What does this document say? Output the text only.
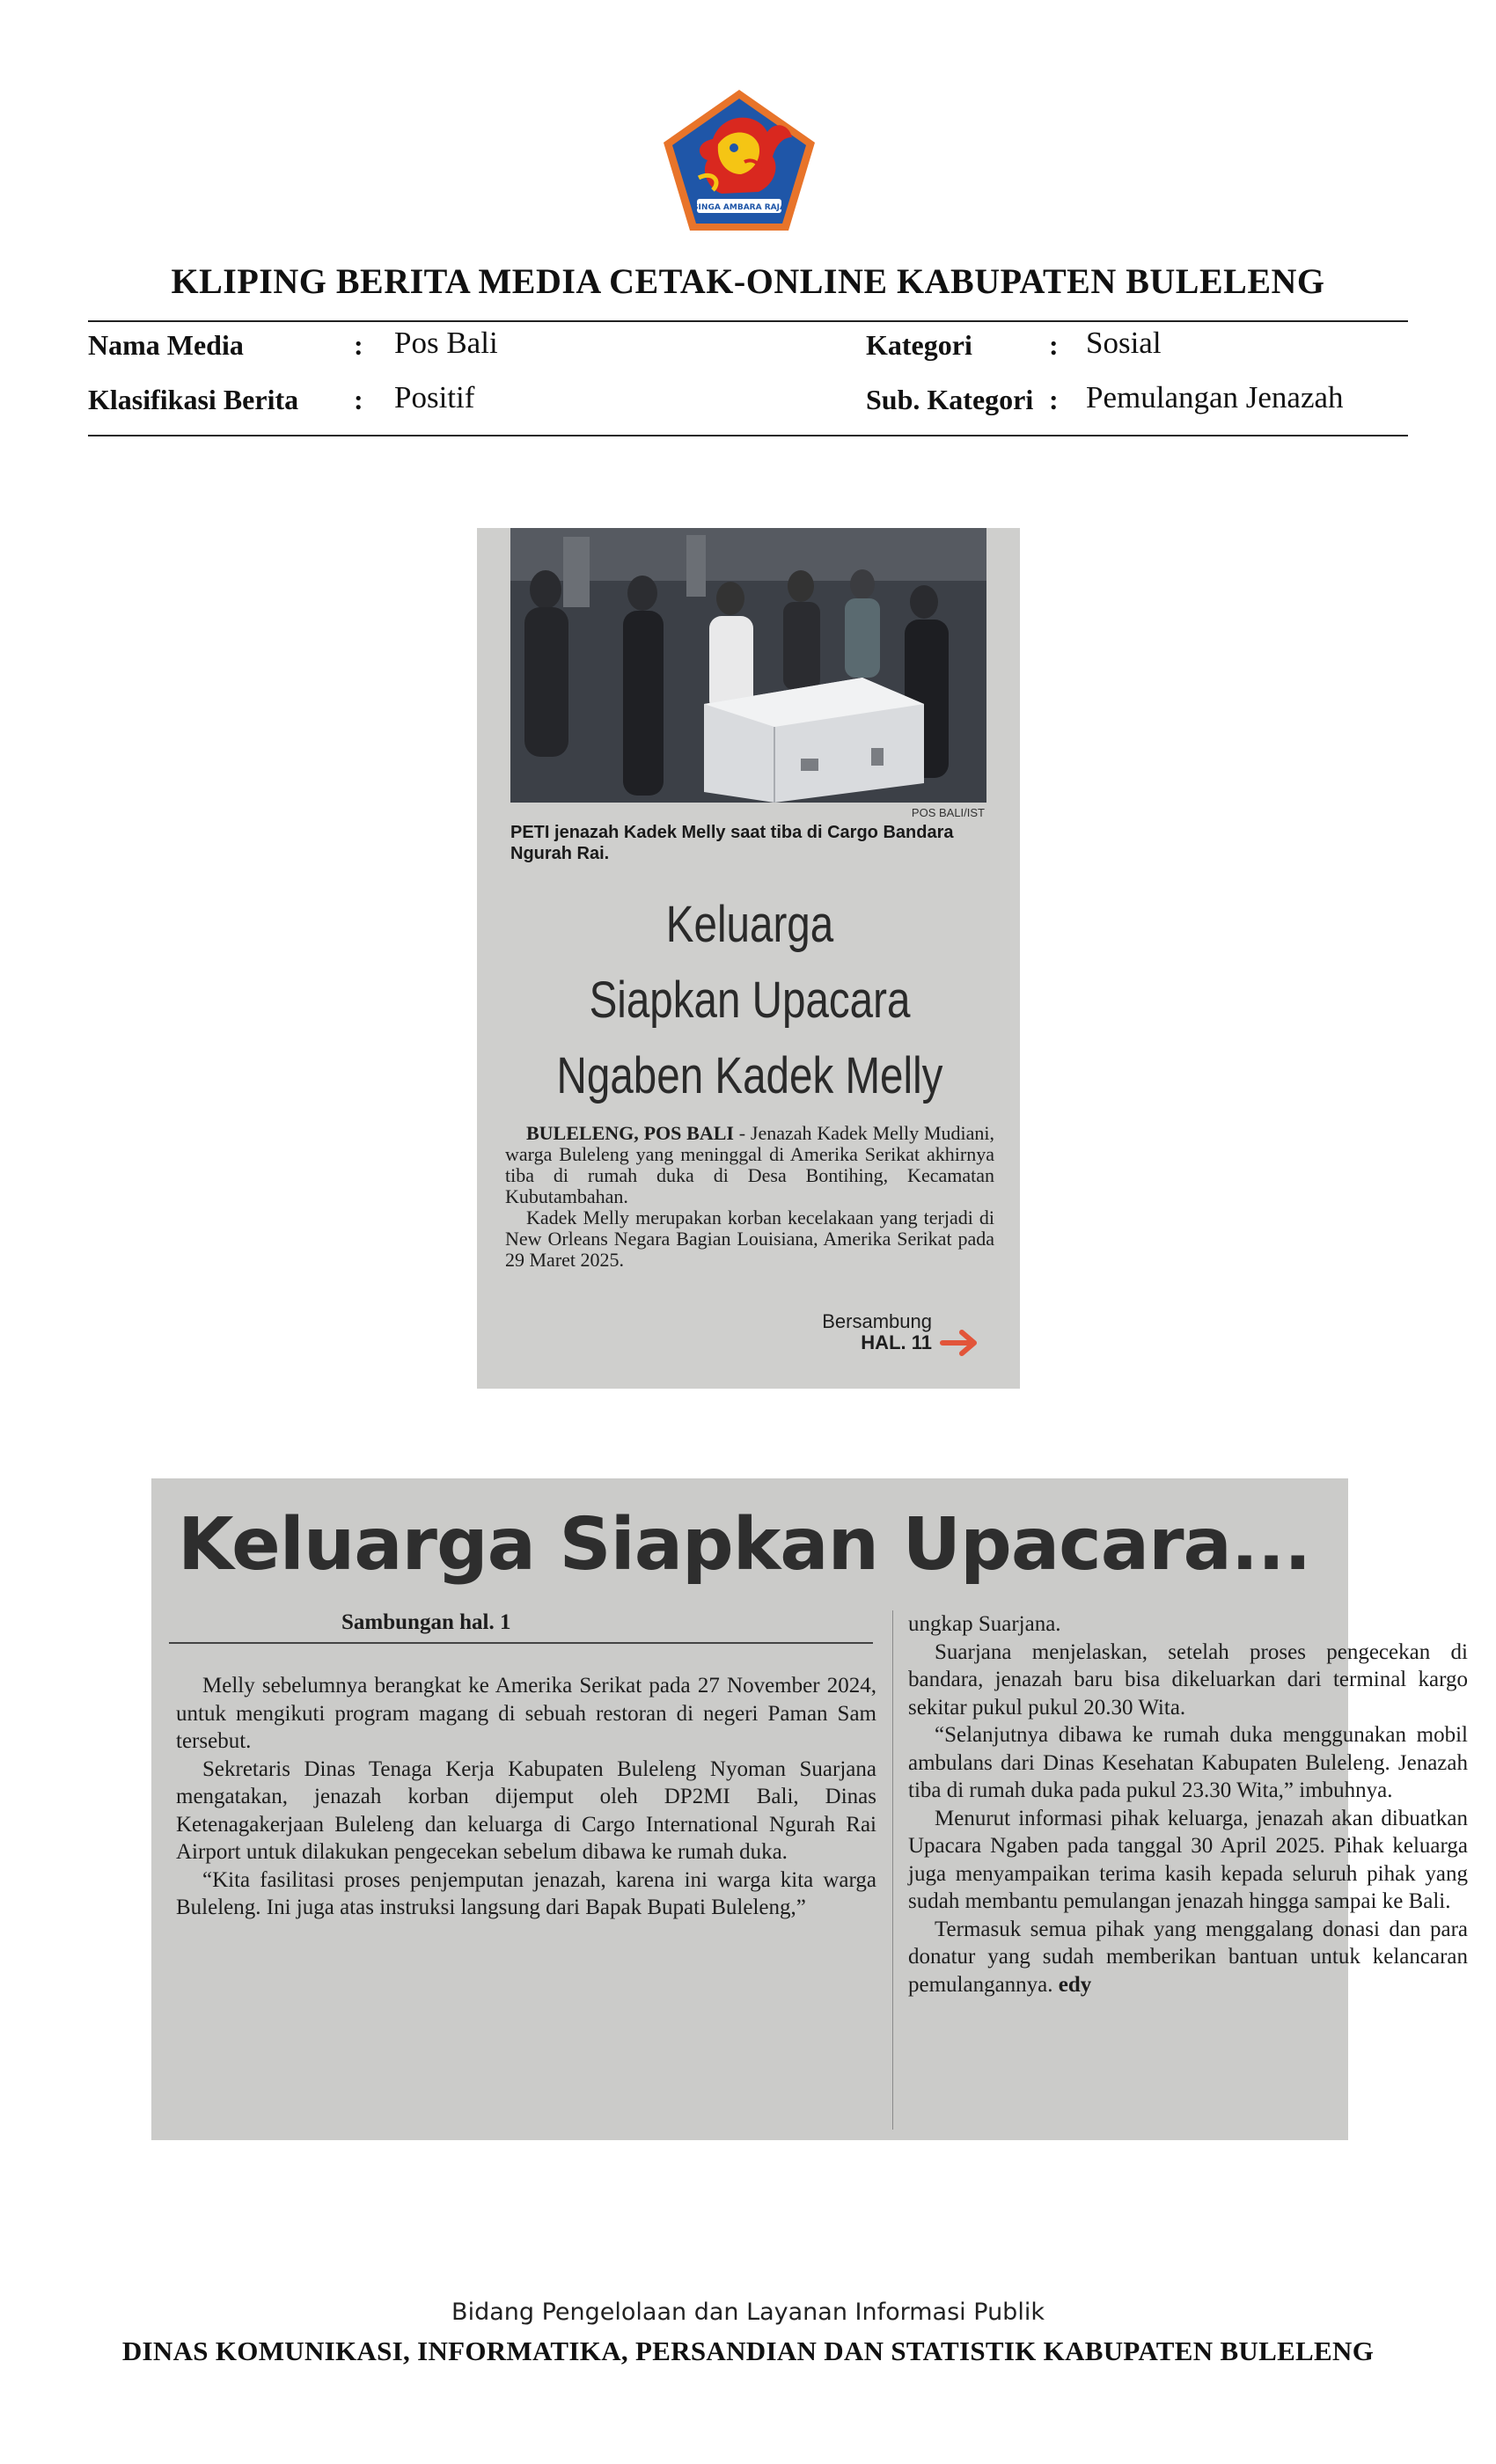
SINGA AMBARA RAJA
KLIPING BERITA MEDIA CETAK-ONLINE KABUPATEN BULELENG
Nama Media	: Pos Bali
Klasifikasi Berita : Positif
Kategori	: Sosial
Sub. Kategori : Pemulangan Jenazah
POS BALI/IST
PETI jenazah Kadek Melly saat tiba di Cargo Bandara Ngurah Rai.
Keluarga
Siapkan Upacara
Ngaben Kadek Melly

BULELENG, POS BALI - Jenazah Kadek Melly Mudiani, warga Buleleng yang meninggal di Amerika Serikat akhirnya tiba di rumah duka di Desa Bontihing, Kecamatan Kubutambahan.

Kadek Melly merupakan korban kecelakaan yang terjadi di New Orleans Negara Bagian Louisiana, Amerika Serikat pada 29 Maret 2025.

Bersambung
HAL. 11
Keluarga Siapkan Upacara...
Sambungan hal. 1

Melly sebelumnya berangkat ke Amerika Serikat pada 27 November 2024, untuk mengikuti program magang di sebuah restoran di negeri Paman Sam tersebut.

Sekretaris Dinas Tenaga Kerja Kabupaten Buleleng Nyoman Suarjana mengatakan, jenazah korban dijemput oleh DP2MI Bali, Dinas Ketenagakerjaan Buleleng dan keluarga di Cargo International Ngurah Rai Airport untuk dilakukan pengecekan sebelum dibawa ke rumah duka.

“Kita fasilitasi proses penjemputan jenazah, karena ini warga kita warga Buleleng. Ini juga atas instruksi langsung dari Bapak Bupati Buleleng,”

ungkap Suarjana.

Suarjana menjelaskan, setelah proses pengecekan di bandara, jenazah baru bisa dikeluarkan dari terminal kargo sekitar pukul pukul 20.30 Wita.

“Selanjutnya dibawa ke rumah duka menggunakan mobil ambulans dari Dinas Kesehatan Kabupaten Buleleng. Jenazah tiba di rumah duka pada pukul 23.30 Wita,” imbuhnya.

Menurut informasi pihak keluarga, jenazah akan dibuatkan Upacara Ngaben pada tanggal 30 April 2025. Pihak keluarga juga menyampaikan terima kasih kepada seluruh pihak yang sudah membantu pemulangan jenazah hingga sampai ke Bali.

Termasuk semua pihak yang menggalang donasi dan para donatur yang sudah memberikan bantuan untuk kelancaran pemulangannya. edy

Bidang Pengelolaan dan Layanan Informasi Publik
DINAS KOMUNIKASI, INFORMATIKA, PERSANDIAN DAN STATISTIK KABUPATEN BULELENG
